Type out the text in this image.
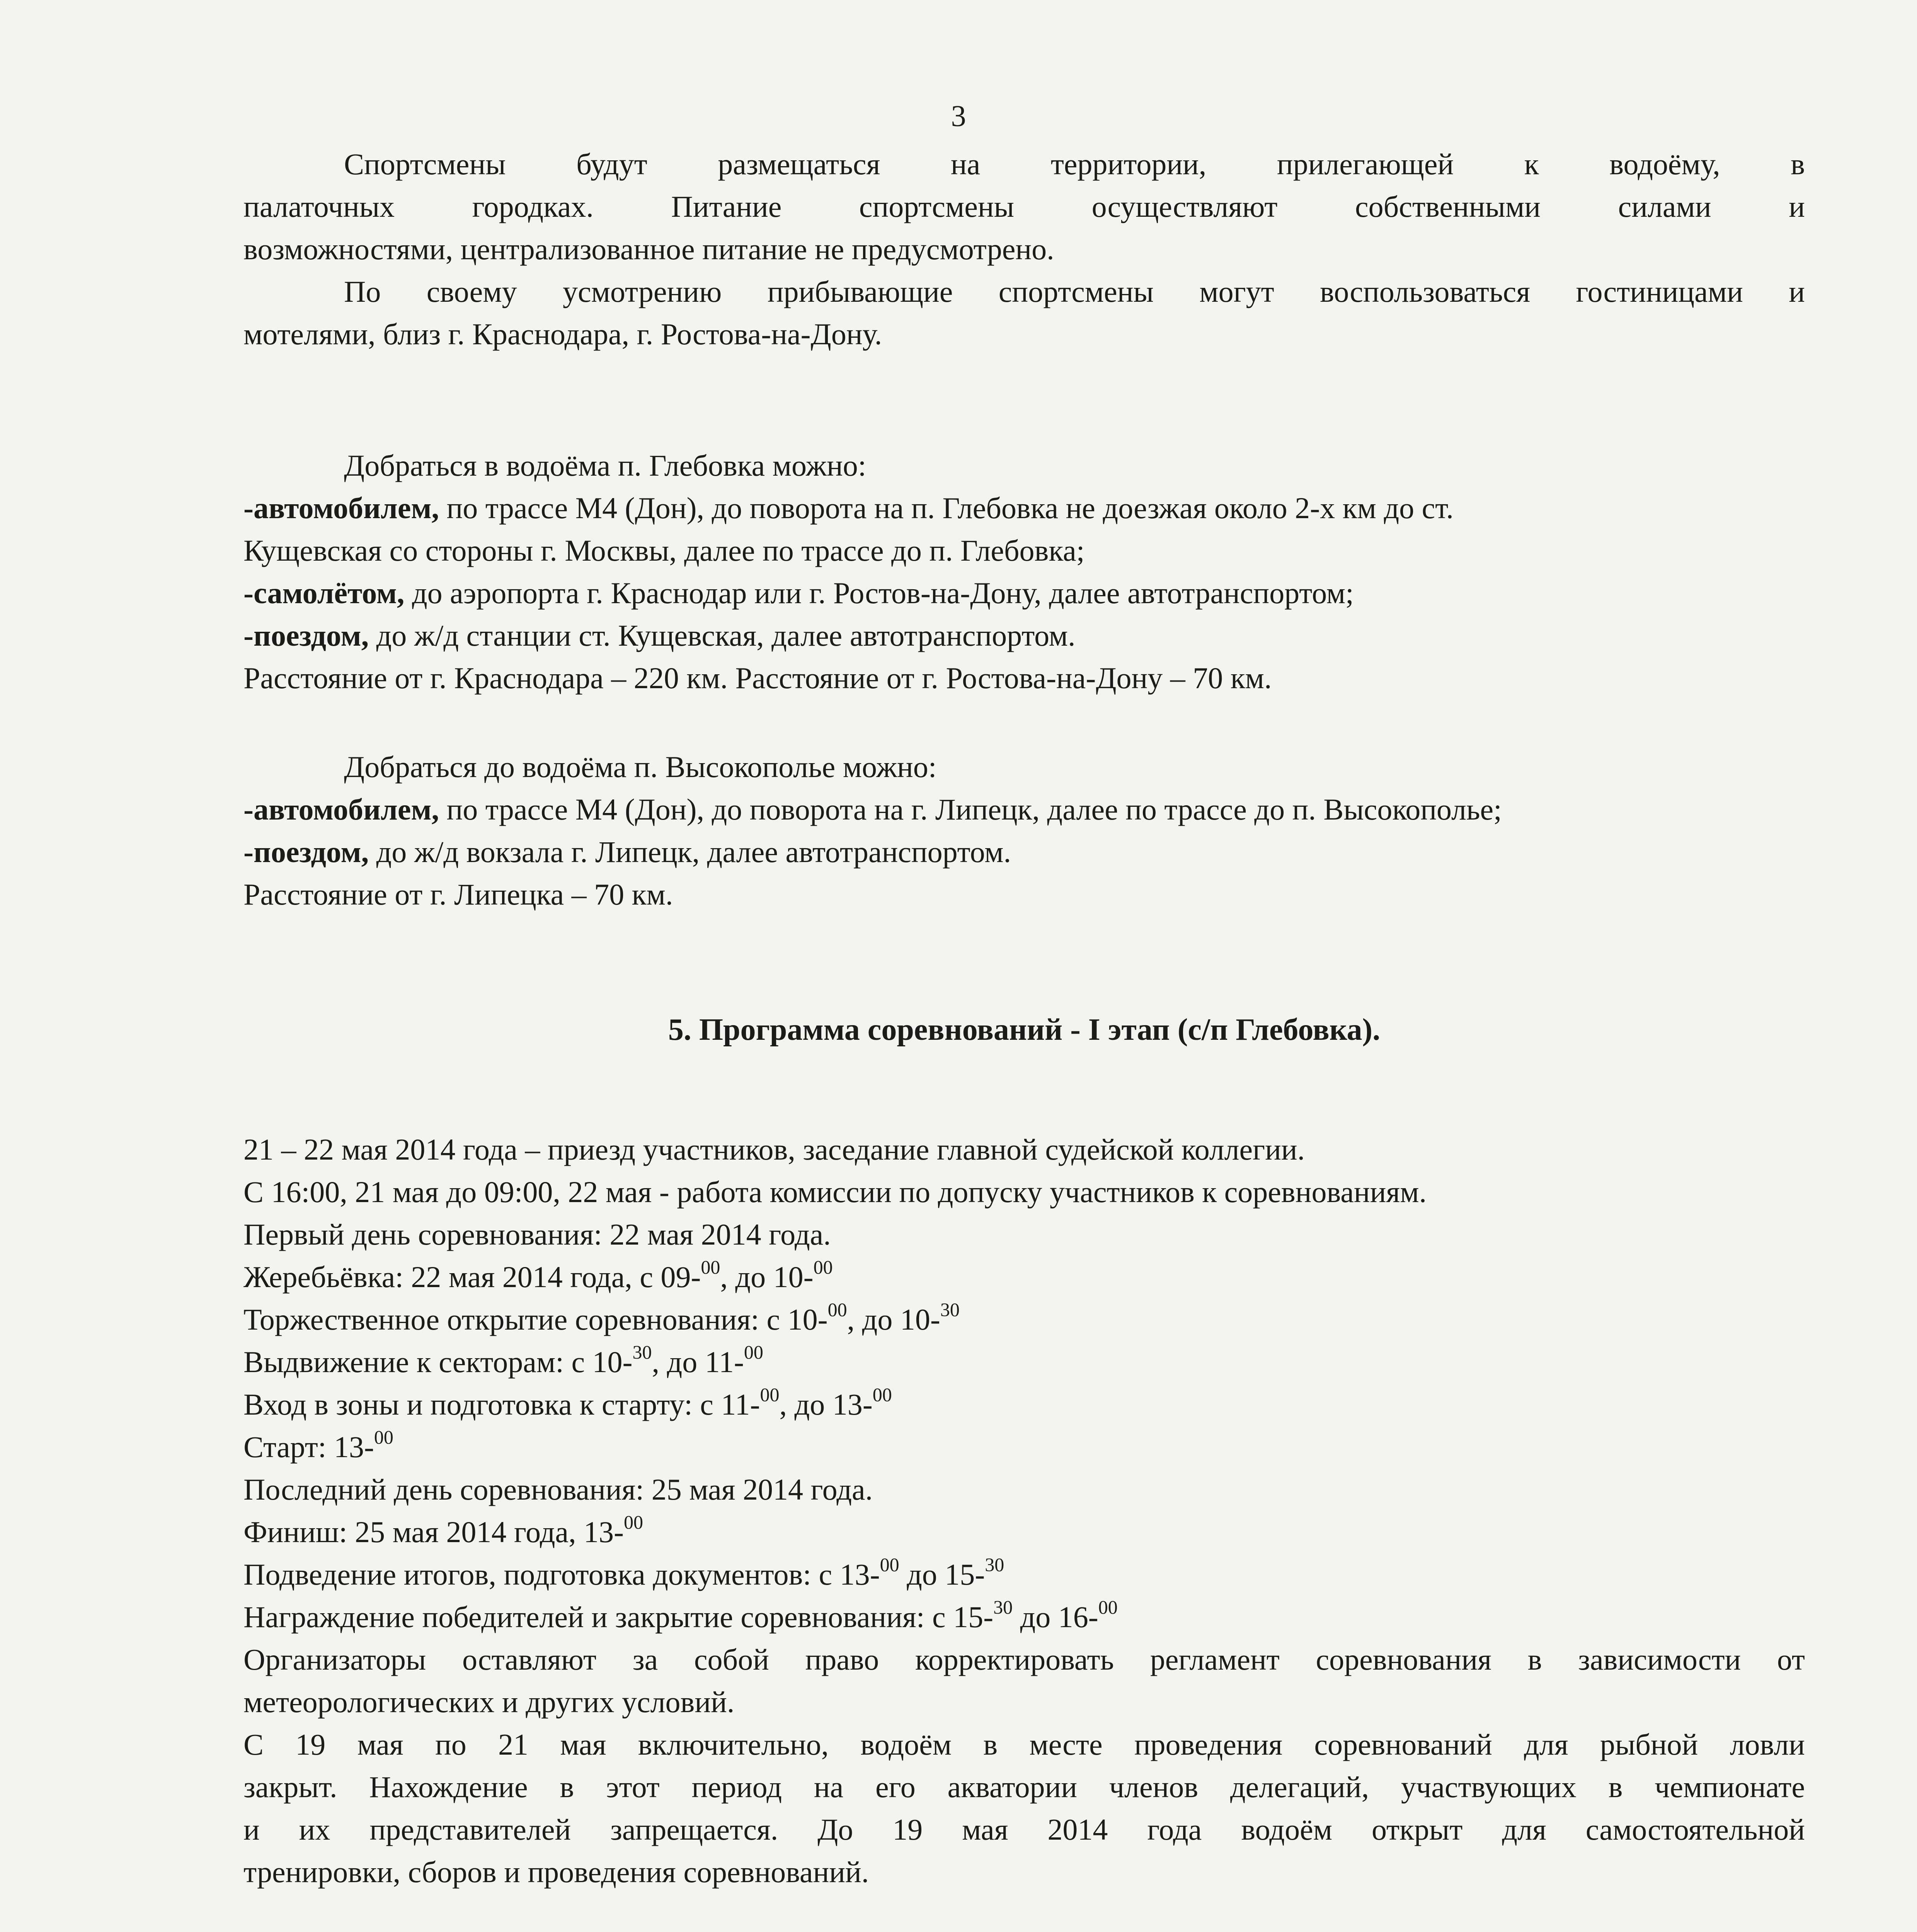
3
Спортсмены будут размещаться на территории, прилегающей к водоёму, в
палаточных городках. Питание спортсмены осуществляют собственными силами и
возможностями, централизованное питание не предусмотрено.
По своему усмотрению прибывающие спортсмены могут воспользоваться гостиницами и
мотелями, близ г. Краснодара, г. Ростова-на-Дону.
Добраться в водоёма п. Глебовка можно:
-автомобилем, по трассе М4 (Дон), до поворота на п. Глебовка не доезжая около 2-х км до ст.
Кущевская со стороны г. Москвы, далее по трассе до п. Глебовка;
-самолётом, до аэропорта г. Краснодар или г. Ростов-на-Дону, далее автотранспортом;
-поездом, до ж/д станции ст. Кущевская, далее автотранспортом.
Расстояние от г. Краснодара – 220 км. Расстояние от г. Ростова-на-Дону – 70 км.
Добраться до водоёма п. Высокополье можно:
-автомобилем, по трассе М4 (Дон), до поворота на г. Липецк, далее по трассе до п. Высокополье;
-поездом, до ж/д вокзала г. Липецк, далее автотранспортом.
Расстояние от г. Липецка – 70 км.
5. Программа соревнований - I этап (с/п Глебовка).
21 – 22 мая 2014 года – приезд участников, заседание главной судейской коллегии.
С 16:00, 21 мая до 09:00, 22 мая - работа комиссии по допуску участников к соревнованиям.
Первый день соревнования: 22 мая 2014 года.
Жеребьёвка: 22 мая 2014 года, с 09-$^{00}$, до 10-$^{00}$
Торжественное открытие соревнования: с 10-$^{00}$, до 10-$^{30}$
Выдвижение к секторам: с 10-$^{30}$, до 11-$^{00}$
Вход в зоны и подготовка к старту: с 11-$^{00}$, до 13-$^{00}$
Старт: 13-$^{00}$
Последний день соревнования: 25 мая 2014 года.
Финиш: 25 мая 2014 года, 13-$^{00}$
Подведение итогов, подготовка документов: с 13-$^{00}$ до 15-$^{30}$
Награждение победителей и закрытие соревнования: с 15-$^{30}$ до 16-$^{00}$
Организаторы оставляют за собой право корректировать регламент соревнования в зависимости от
метеорологических и других условий.
С 19 мая по 21 мая включительно, водоём в месте проведения соревнований для рыбной ловли
закрыт. Нахождение в этот период на его акватории членов делегаций, участвующих в чемпионате
и их представителей запрещается. До 19 мая 2014 года водоём открыт для самостоятельной
тренировки, сборов и проведения соревнований.
